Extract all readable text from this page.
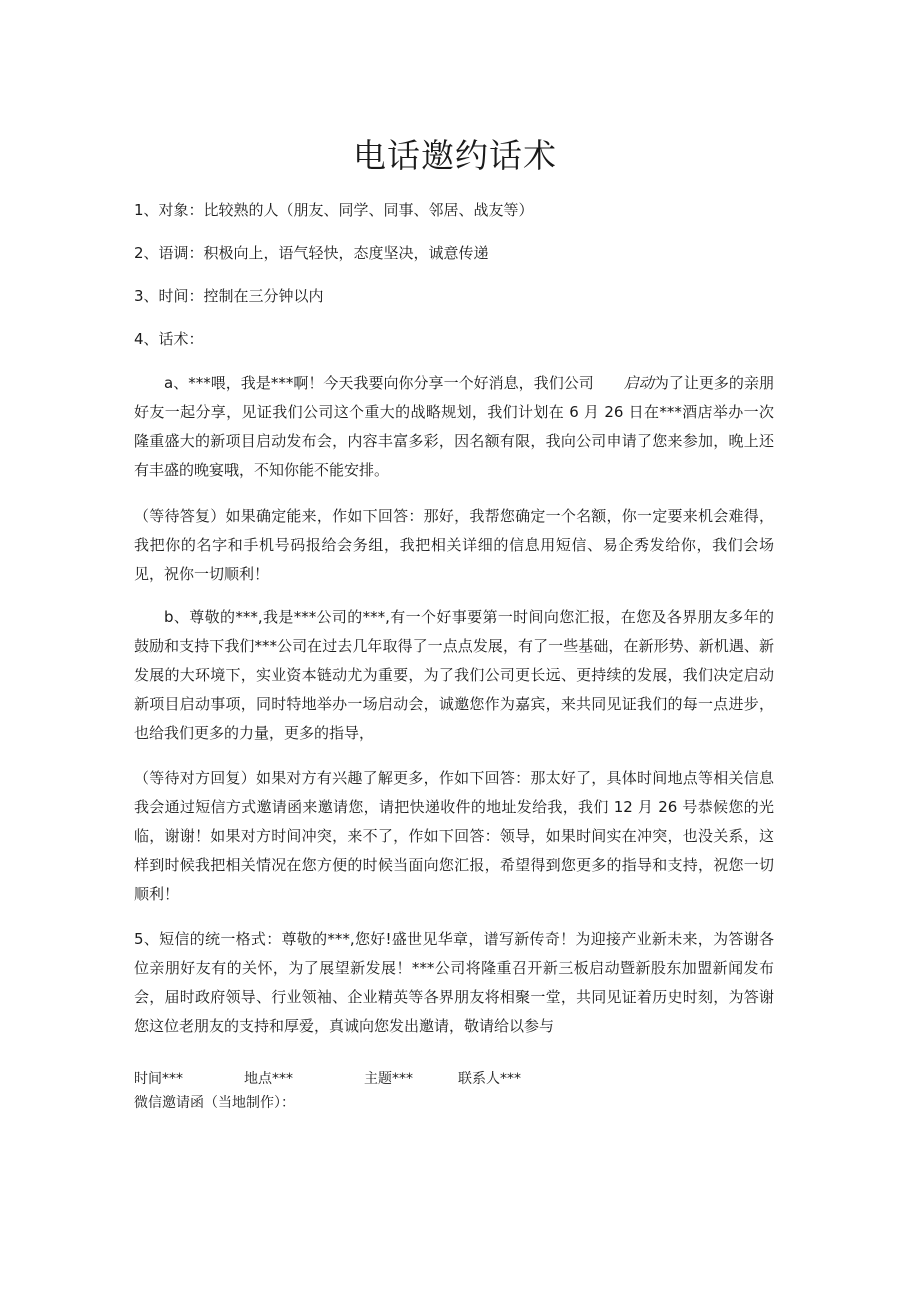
电话邀约话术

1、对象：比较熟的人（朋友、同学、同事、邻居、战友等）

2、语调：积极向上，语气轻快，态度坚决，诚意传递

3、时间：控制在三分钟以内

4、话术：

a、***喂，我是***啊！今天我要向你分享一个好消息，我们公司 启动为了让更多的亲朋好友一起分享，见证我们公司这个重大的战略规划，我们计划在 6 月 26 日在***酒店举办一次隆重盛大的新项目启动发布会，内容丰富多彩，因名额有限，我向公司申请了您来参加，晚上还有丰盛的晚宴哦，不知你能不能安排。

（等待答复）如果确定能来，作如下回答：那好，我帮您确定一个名额，你一定要来机会难得，我把你的名字和手机号码报给会务组，我把相关详细的信息用短信、易企秀发给你，我们会场见，祝你一切顺利！

b、尊敬的***,我是***公司的***,有一个好事要第一时间向您汇报，在您及各界朋友多年的鼓励和支持下我们***公司在过去几年取得了一点点发展，有了一些基础，在新形势、新机遇、新发展的大环境下，实业资本链动尤为重要，为了我们公司更长远、更持续的发展，我们决定启动新项目启动事项，同时特地举办一场启动会，诚邀您作为嘉宾，来共同见证我们的每一点进步，也给我们更多的力量，更多的指导，

（等待对方回复）如果对方有兴趣了解更多，作如下回答：那太好了，具体时间地点等相关信息我会通过短信方式邀请函来邀请您，请把快递收件的地址发给我，我们 12 月 26 号恭候您的光临，谢谢！如果对方时间冲突，来不了，作如下回答：领导，如果时间实在冲突，也没关系，这样到时候我把相关情况在您方便的时候当面向您汇报，希望得到您更多的指导和支持，祝您一切顺利！

5、短信的统一格式：尊敬的***,您好!盛世见华章，谱写新传奇！为迎接产业新未来，为答谢各位亲朋好友有的关怀，为了展望新发展！***公司将隆重召开新三板启动暨新股东加盟新闻发布会，届时政府领导、行业领袖、企业精英等各界朋友将相聚一堂，共同见证着历史时刻，为答谢您这位老朋友的支持和厚爱，真诚向您发出邀请，敬请给以参与

时间***	地点***	主题***	联系人***

微信邀请函（当地制作）：
